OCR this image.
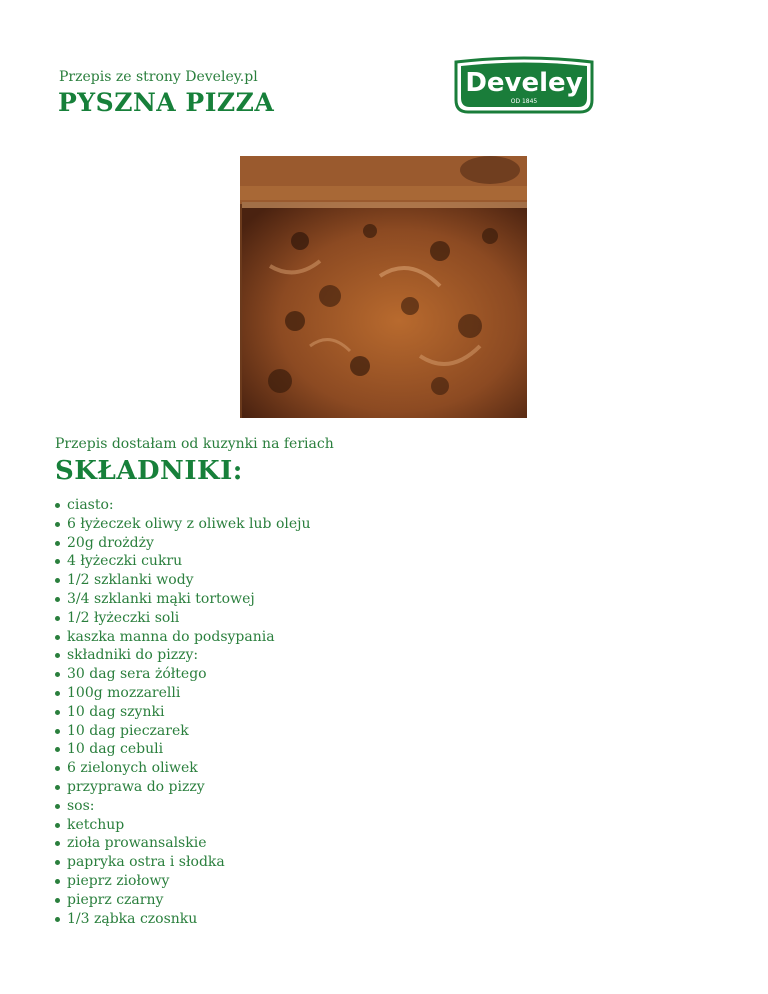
Przepis ze strony Develey.pl
PYSZNA PIZZA
Develey
OD 1845
Przepis dostałam od kuzynki na feriach
SKŁADNIKI:
ciasto:
6 łyżeczek oliwy z oliwek lub oleju
20g drożdży
4 łyżeczki cukru
1/2 szklanki wody
3/4 szklanki mąki tortowej
1/2 łyżeczki soli
kaszka manna do podsypania
składniki do pizzy:
30 dag sera żółtego
100g mozzarelli
10 dag szynki
10 dag pieczarek
10 dag cebuli
6 zielonych oliwek
przyprawa do pizzy
sos:
ketchup
zioła prowansalskie
papryka ostra i słodka
pieprz ziołowy
pieprz czarny
1/3 ząbka czosnku
